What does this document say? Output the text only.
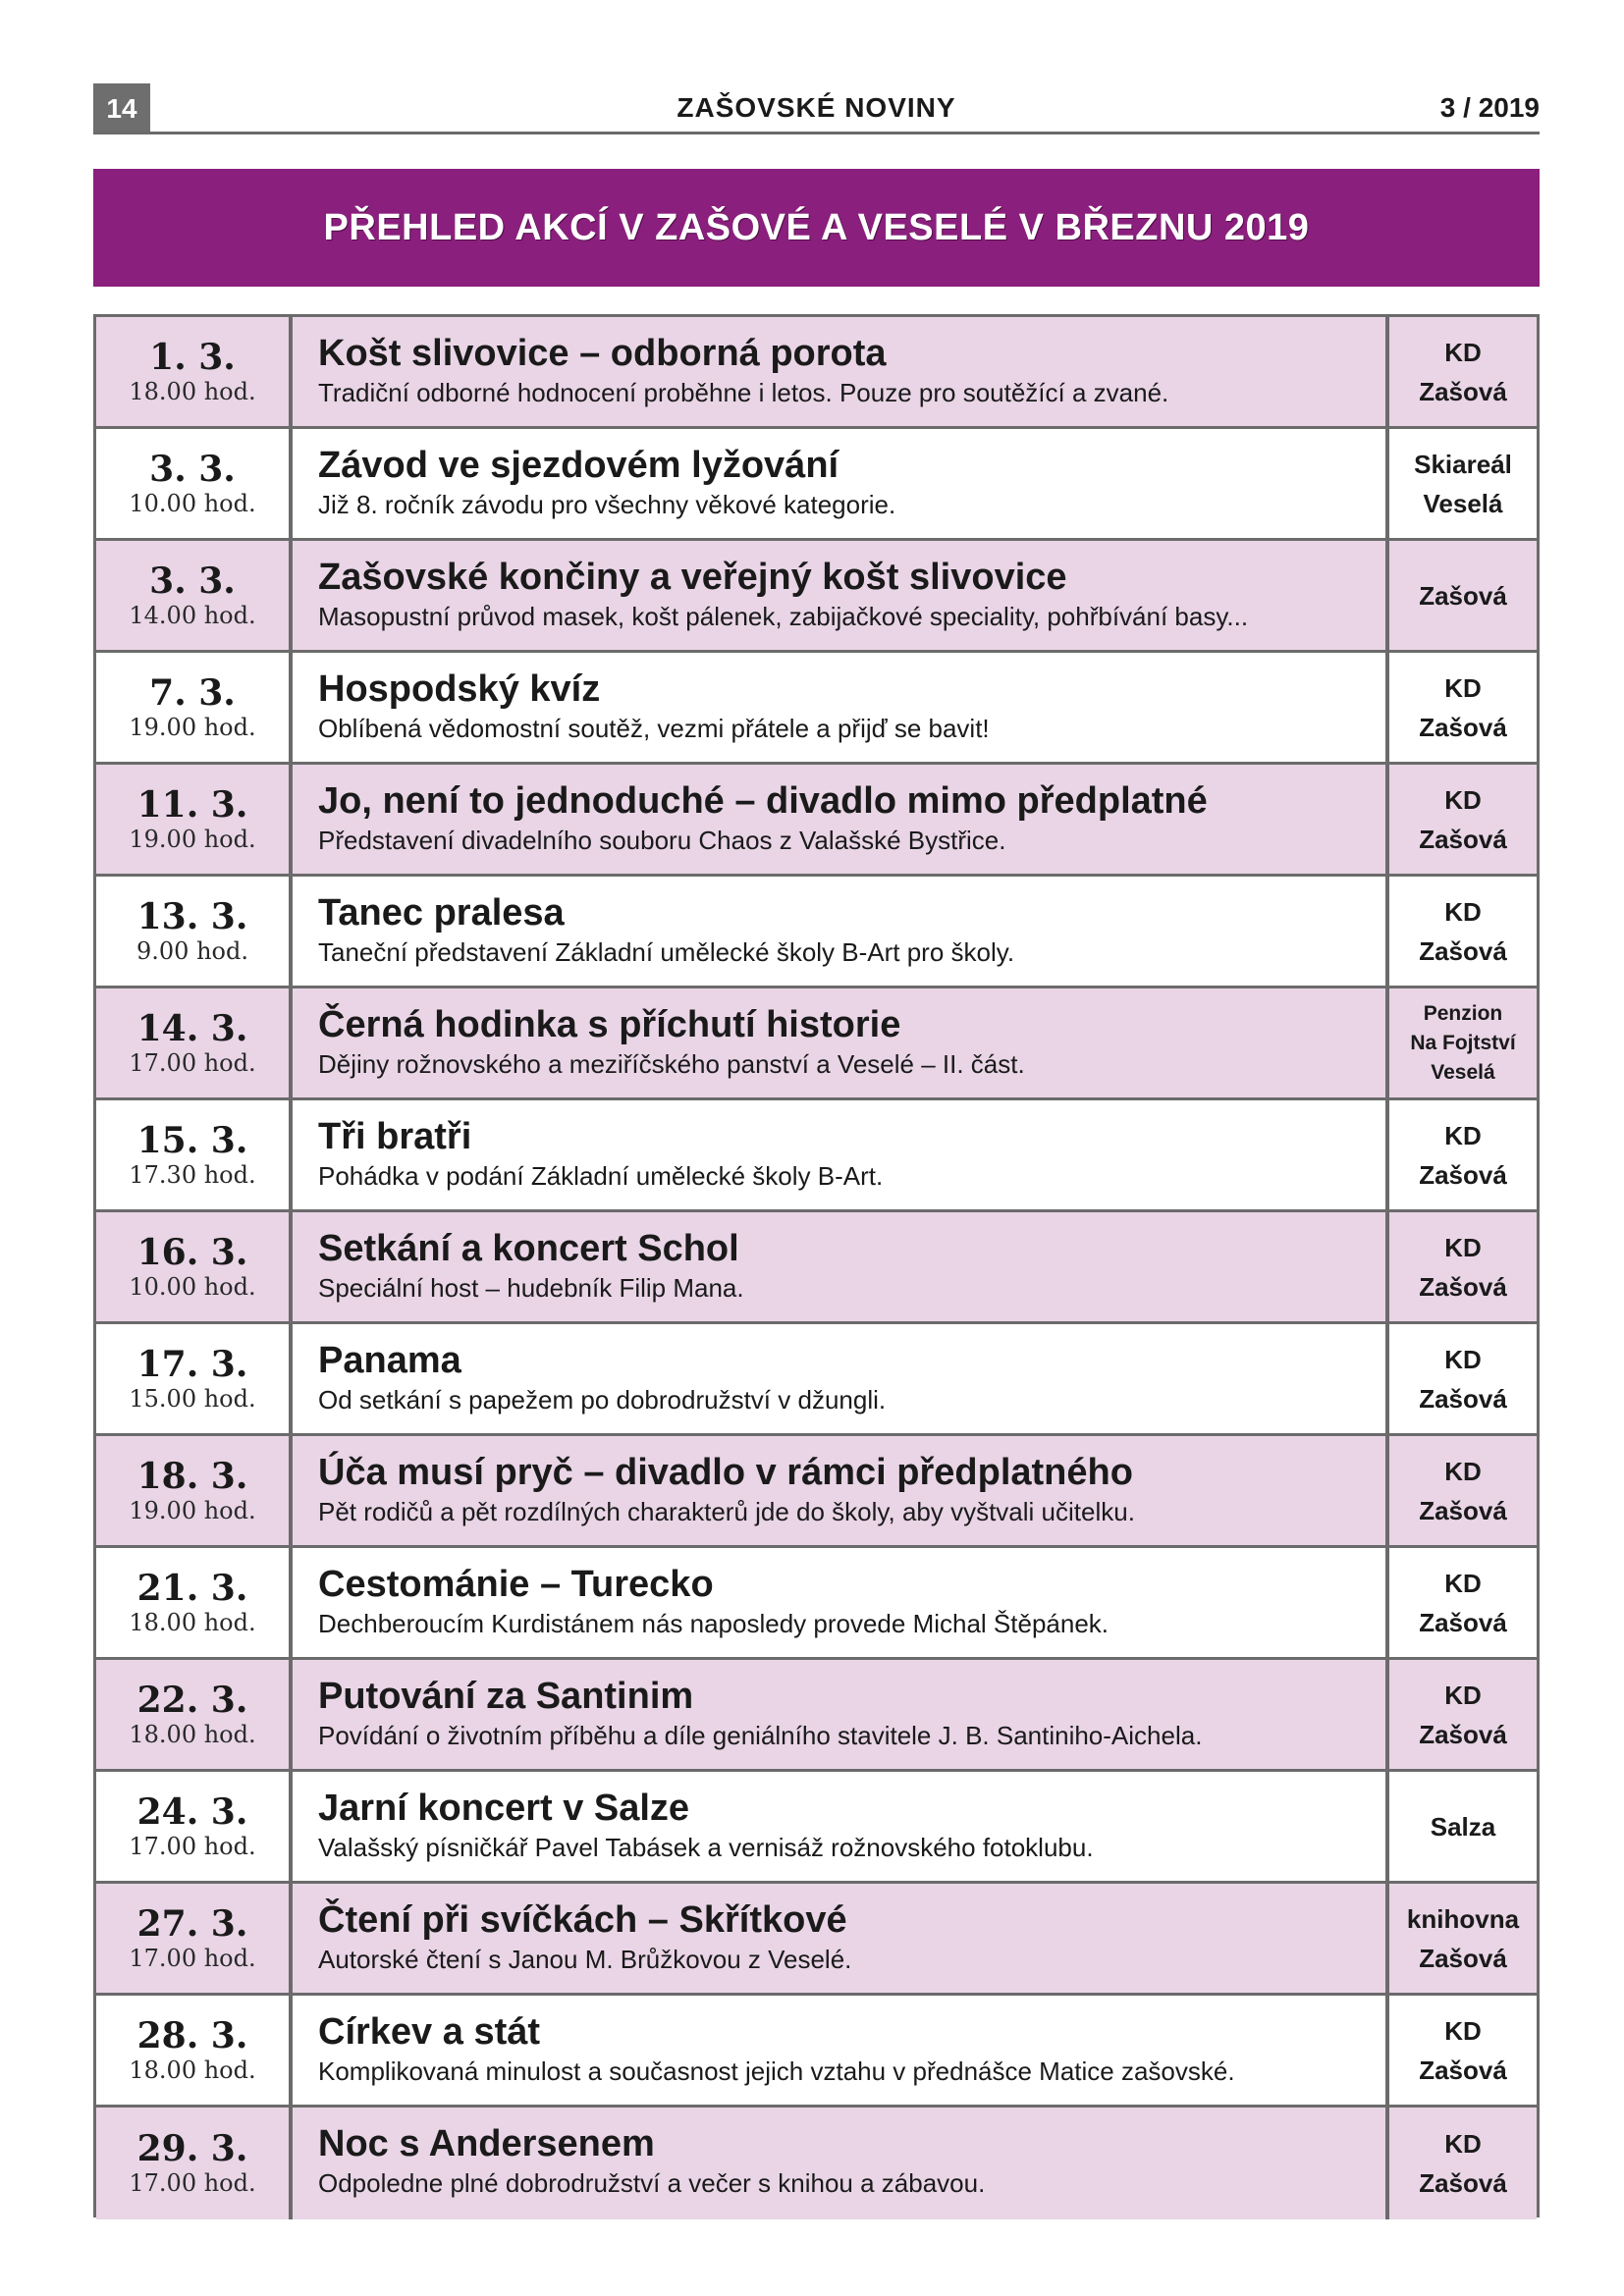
14	ZAŠOVSKÉ NOVINY	3 / 2019
PŘEHLED AKCÍ V ZAŠOVÉ A VESELÉ V BŘEZNU 2019
1. 3.
18.00 hod.
Košt slivovice – odborná porota
Tradiční odborné hodnocení proběhne i letos. Pouze pro soutěžící a zvané.
KD
Zašová
3. 3.
10.00 hod.
Závod ve sjezdovém lyžování
Již 8. ročník závodu pro všechny věkové kategorie.
Skiareál
Veselá
3. 3.
14.00 hod.
Zašovské končiny a veřejný košt slivovice
Masopustní průvod masek, košt pálenek, zabijačkové speciality, pohřbívání basy...
Zašová
7. 3.
19.00 hod.
Hospodský kvíz
Oblíbená vědomostní soutěž, vezmi přátele a přijď se bavit!
KD
Zašová
11. 3.
19.00 hod.
Jo, není to jednoduché – divadlo mimo předplatné
Představení divadelního souboru Chaos z Valašské Bystřice.
KD
Zašová
13. 3.
9.00 hod.
Tanec pralesa
Taneční představení Základní umělecké školy B-Art pro školy.
KD
Zašová
14. 3.
17.00 hod.
Černá hodinka s příchutí historie
Dějiny rožnovského a meziříčského panství a Veselé – II. část.
Penzion
Na Fojtství
Veselá
15. 3.
17.30 hod.
Tři bratři
Pohádka v podání Základní umělecké školy B-Art.
KD
Zašová
16. 3.
10.00 hod.
Setkání a koncert Schol
Speciální host – hudebník Filip Mana.
KD
Zašová
17. 3.
15.00 hod.
Panama
Od setkání s papežem po dobrodružství v džungli.
KD
Zašová
18. 3.
19.00 hod.
Úča musí pryč – divadlo v rámci předplatného
Pět rodičů a pět rozdílných charakterů jde do školy, aby vyštvali učitelku.
KD
Zašová
21. 3.
18.00 hod.
Cestománie – Turecko
Dechberoucím Kurdistánem nás naposledy provede Michal Štěpánek.
KD
Zašová
22. 3.
18.00 hod.
Putování za Santinim
Povídání o životním příběhu a díle geniálního stavitele J. B. Santiniho-Aichela.
KD
Zašová
24. 3.
17.00 hod.
Jarní koncert v Salze
Valašský písničkář Pavel Tabásek a vernisáž rožnovského fotoklubu.
Salza
27. 3.
17.00 hod.
Čtení při svíčkách – Skřítkové
Autorské čtení s Janou M. Brůžkovou z Veselé.
knihovna
Zašová
28. 3.
18.00 hod.
Církev a stát
Komplikovaná minulost a současnost jejich vztahu v přednášce Matice zašovské.
KD
Zašová
29. 3.
17.00 hod.
Noc s Andersenem
Odpoledne plné dobrodružství a večer s knihou a zábavou.
KD
Zašová
